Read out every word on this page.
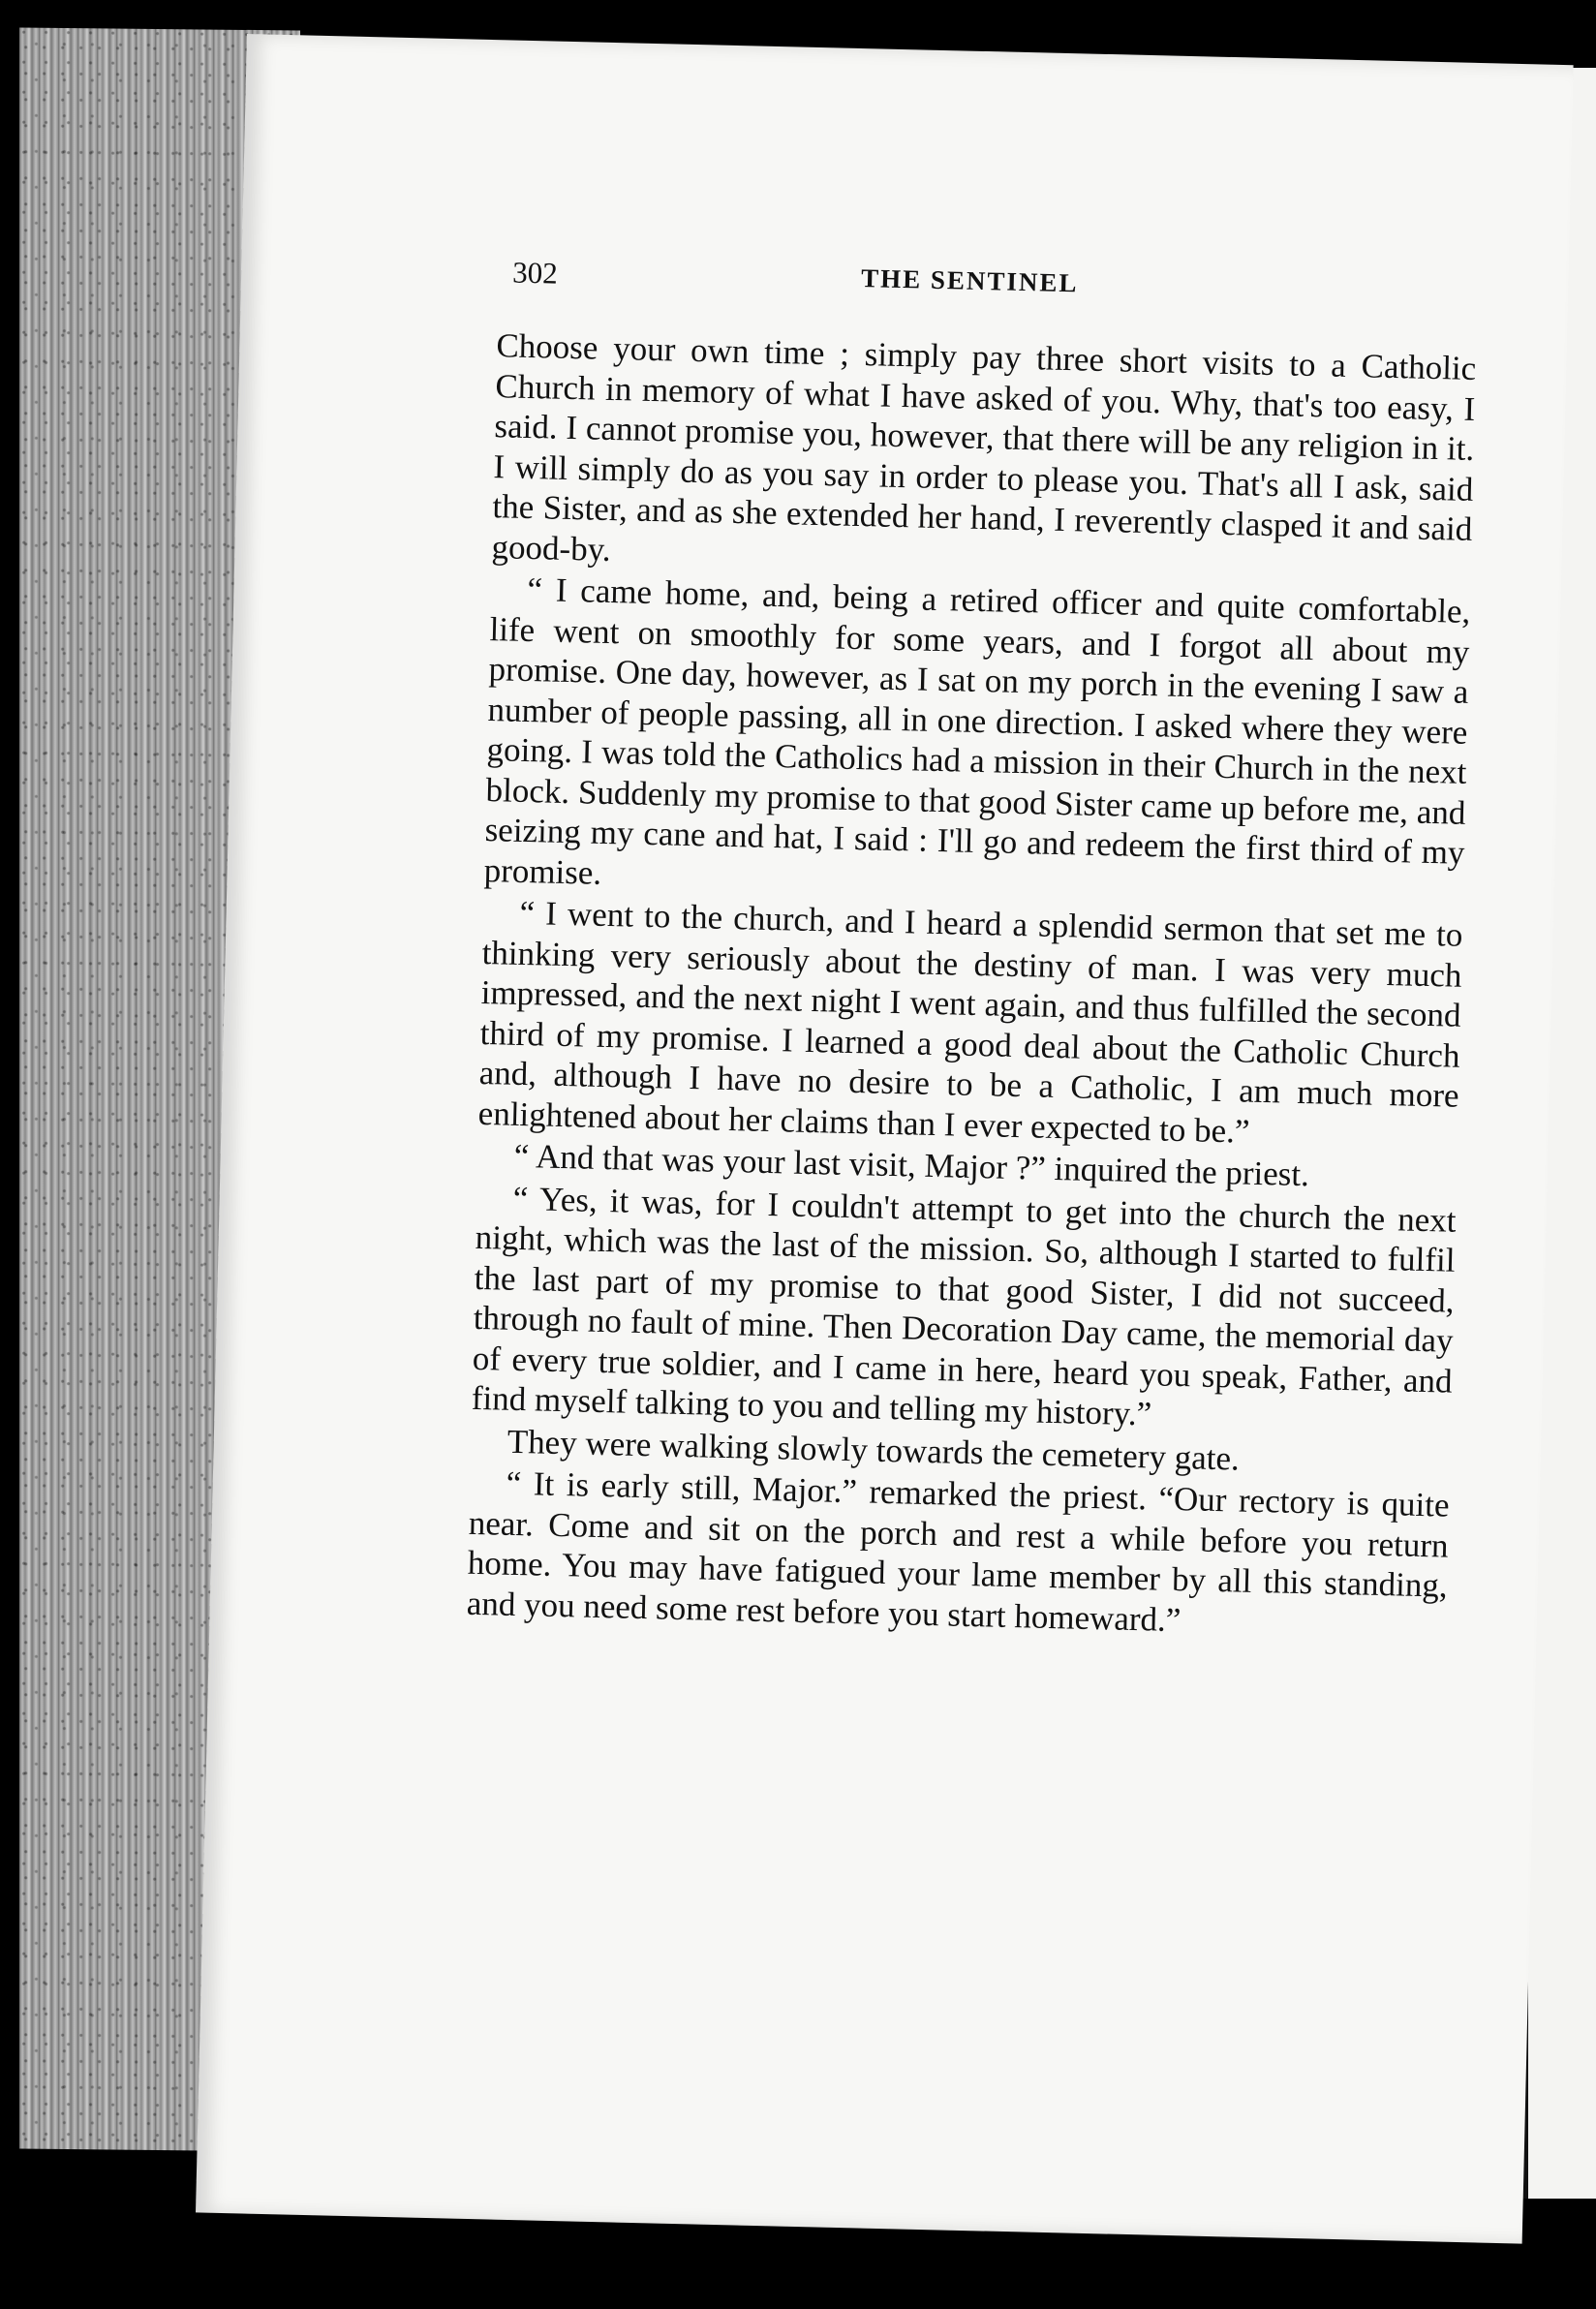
302	THE SENTINEL

Choose your own time ; simply pay three short visits to a Catholic Church in memory of what I have asked of you. Why, that's too easy, I said. I cannot promise you, however, that there will be any religion in it. I will simply do as you say in order to please you. That's all I ask, said the Sister, and as she extended her hand, I reverently clasped it and said good-by.

“ I came home, and, being a retired officer and quite comfortable, life went on smoothly for some years, and I forgot all about my promise. One day, however, as I sat on my porch in the evening I saw a number of people passing, all in one direction. I asked where they were going. I was told the Catholics had a mission in their Church in the next block. Suddenly my promise to that good Sister came up before me, and seizing my cane and hat, I said : I'll go and redeem the first third of my promise.

“ I went to the church, and I heard a splendid sermon that set me to thinking very seriously about the destiny of man. I was very much impressed, and the next night I went again, and thus fulfilled the second third of my promise. I learned a good deal about the Catholic Church and, although I have no desire to be a Catholic, I am much more enlightened about her claims than I ever expected to be.”

“ And that was your last visit, Major ?” inquired the priest.

“ Yes, it was, for I couldn't attempt to get into the church the next night, which was the last of the mission. So, although I started to fulfil the last part of my promise to that good Sister, I did not succeed, through no fault of mine. Then Decoration Day came, the memorial day of every true soldier, and I came in here, heard you speak, Father, and find myself talking to you and telling my history.”

They were walking slowly towards the cemetery gate.

“ It is early still, Major.” remarked the priest. “Our rectory is quite near. Come and sit on the porch and rest a while before you return home. You may have fatigued your lame member by all this standing, and you need some rest before you start homeward.”
